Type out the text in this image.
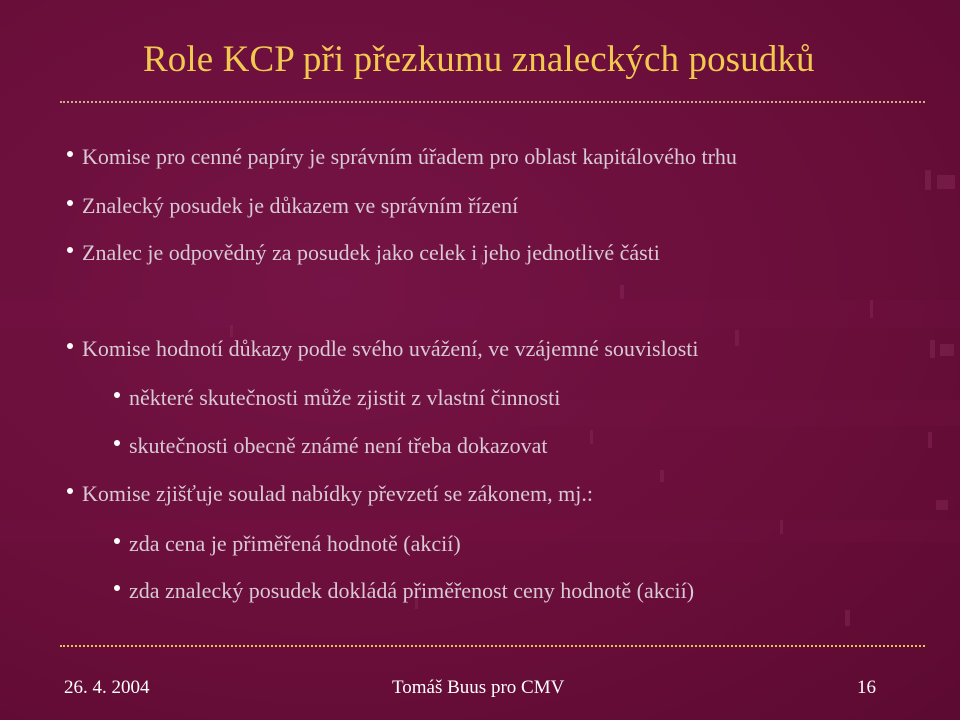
Role KCP při přezkumu znaleckých posudků
Komise pro cenné papíry je správním úřadem pro oblast kapitálového trhu
Znalecký posudek je důkazem ve správním řízení
Znalec je odpovědný za posudek jako celek i jeho jednotlivé části
Komise hodnotí důkazy podle svého uvážení, ve vzájemné souvislosti
některé skutečnosti může zjistit z vlastní činnosti
skutečnosti obecně známé není třeba dokazovat
Komise zjišťuje soulad nabídky převzetí se zákonem, mj.:
zda cena je přiměřená hodnotě (akcií)
zda znalecký posudek dokládá přiměřenost ceny hodnotě (akcií)
26. 4. 2004	Tomáš Buus pro CMV	16
